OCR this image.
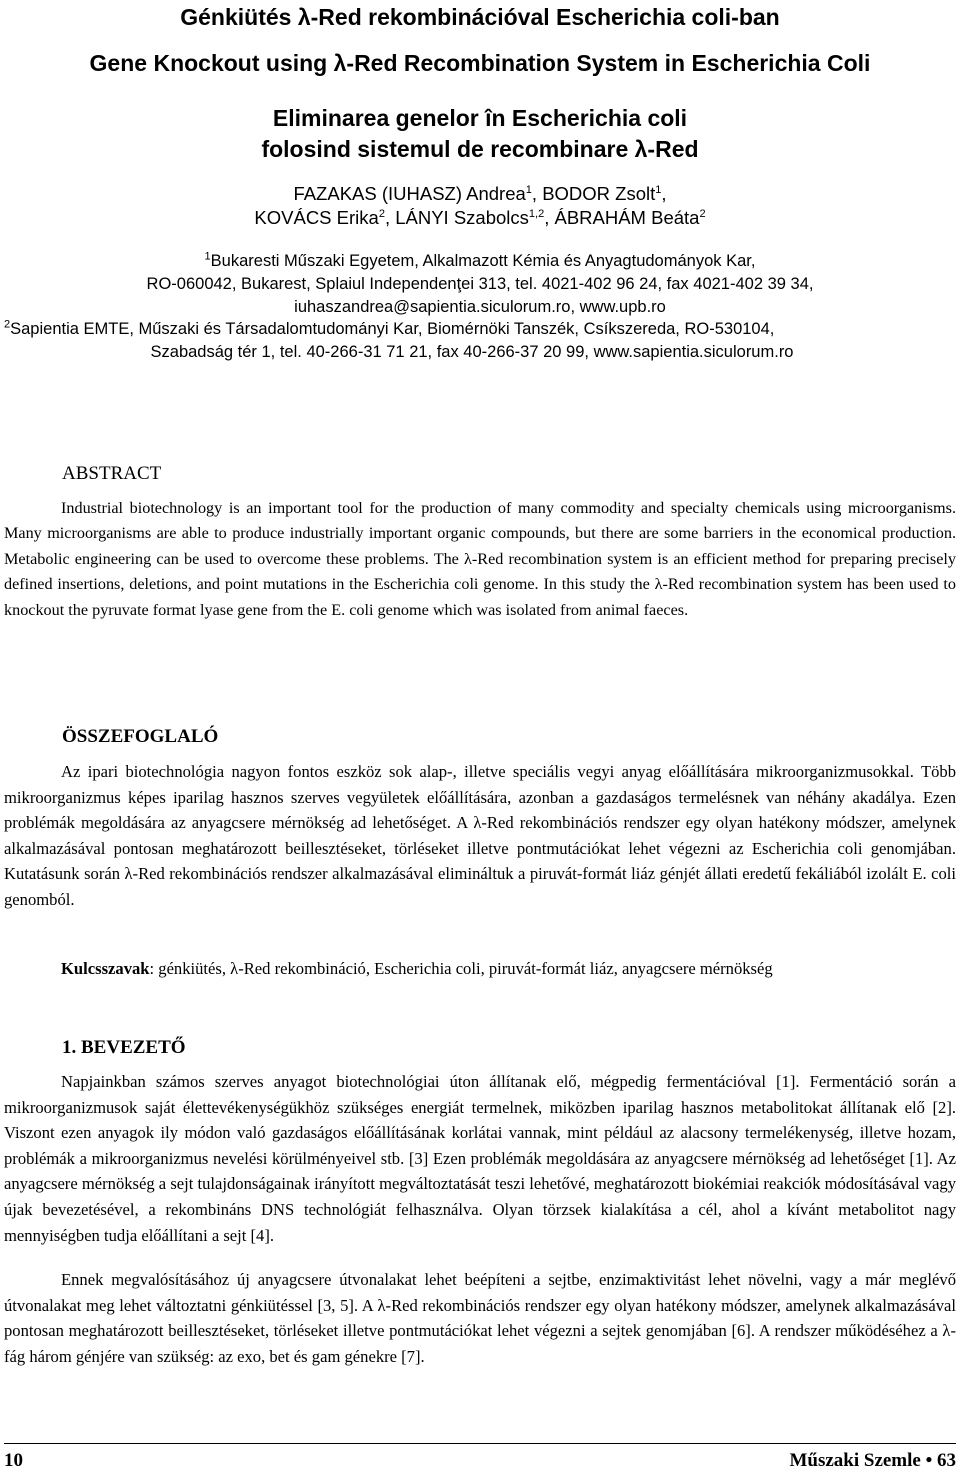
Génkiütés λ-Red rekombinációval Escherichia coli-ban
Gene Knockout using λ-Red Recombination System in Escherichia Coli
Eliminarea genelor în Escherichia coli
folosind sistemul de recombinare λ-Red
FAZAKAS (IUHASZ) Andrea$^1$, BODOR Zsolt$^1$,
KOVÁCS Erika$^2$, LÁNYI Szabolcs$^{1,2}$, ÁBRAHÁM Beáta$^2$
$^1$Bukaresti Műszaki Egyetem, Alkalmazott Kémia és Anyagtudományok Kar,
RO-060042, Bukarest, Splaiul Independenţei 313, tel. 4021-402 96 24, fax 4021-402 39 34,
iuhaszandrea@sapientia.siculorum.ro, www.upb.ro
$^2$Sapientia EMTE, Műszaki és Társadalomtudományi Kar, Biomérnöki Tanszék, Csíkszereda, RO-530104,
Szabadság tér 1, tel. 40-266-31 71 21, fax 40-266-37 20 99, www.sapientia.siculorum.ro
ABSTRACT
Industrial biotechnology is an important tool for the production of many commodity and specialty chemicals using microorganisms. Many microorganisms are able to produce industrially important organic compounds, but there are some barriers in the economical production. Metabolic engineering can be used to overcome these problems. The λ-Red recombination system is an efficient method for preparing precisely defined insertions, deletions, and point mutations in the Escherichia coli genome. In this study the λ-Red recombination system has been used to knockout the pyruvate format lyase gene from the E. coli genome which was isolated from animal faeces.
ÖSSZEFOGLALÓ
Az ipari biotechnológia nagyon fontos eszköz sok alap-, illetve speciális vegyi anyag előállítására mikroorganizmusokkal. Több mikroorganizmus képes iparilag hasznos szerves vegyületek előállítására, azonban a gazdaságos termelésnek van néhány akadálya. Ezen problémák megoldására az anyagcsere mérnökség ad lehetőséget. A λ-Red rekombinációs rendszer egy olyan hatékony módszer, amelynek alkalmazásával pontosan meghatározott beillesztéseket, törléseket illetve pontmutációkat lehet végezni az Escherichia coli genomjában. Kutatásunk során λ-Red rekombinációs rendszer alkalmazásával elimináltuk a piruvát-formát liáz génjét állati eredetű fekáliából izolált E. coli genomból.
Kulcsszavak: génkiütés, λ-Red rekombináció, Escherichia coli, piruvát-formát liáz, anyagcsere mérnökség
1. BEVEZETŐ
Napjainkban számos szerves anyagot biotechnológiai úton állítanak elő, mégpedig fermentációval [1]. Fermentáció során a mikroorganizmusok saját élettevékenységükhöz szükséges energiát termelnek, miközben iparilag hasznos metabolitokat állítanak elő [2]. Viszont ezen anyagok ily módon való gazdaságos előállításának korlátai vannak, mint például az alacsony termelékenység, illetve hozam, problémák a mikroorganizmus nevelési körülményeivel stb. [3] Ezen problémák megoldására az anyagcsere mérnökség ad lehetőséget [1]. Az anyagcsere mérnökség a sejt tulajdonságainak irányított megváltoztatását teszi lehetővé, meghatározott biokémiai reakciók módosításával vagy újak bevezetésével, a rekombináns DNS technológiát felhasználva. Olyan törzsek kialakítása a cél, ahol a kívánt metabolitot nagy mennyiségben tudja előállítani a sejt [4].
Ennek megvalósításához új anyagcsere útvonalakat lehet beépíteni a sejtbe, enzimaktivitást lehet növelni, vagy a már meglévő útvonalakat meg lehet változtatni génkiütéssel [3, 5]. A λ-Red rekombinációs rendszer egy olyan hatékony módszer, amelynek alkalmazásával pontosan meghatározott beillesztéseket, törléseket illetve pontmutációkat lehet végezni a sejtek genomjában [6]. A rendszer működéséhez a λ-fág három génjére van szükség: az exo, bet és gam génekre [7].
10	Műszaki Szemle • 63
